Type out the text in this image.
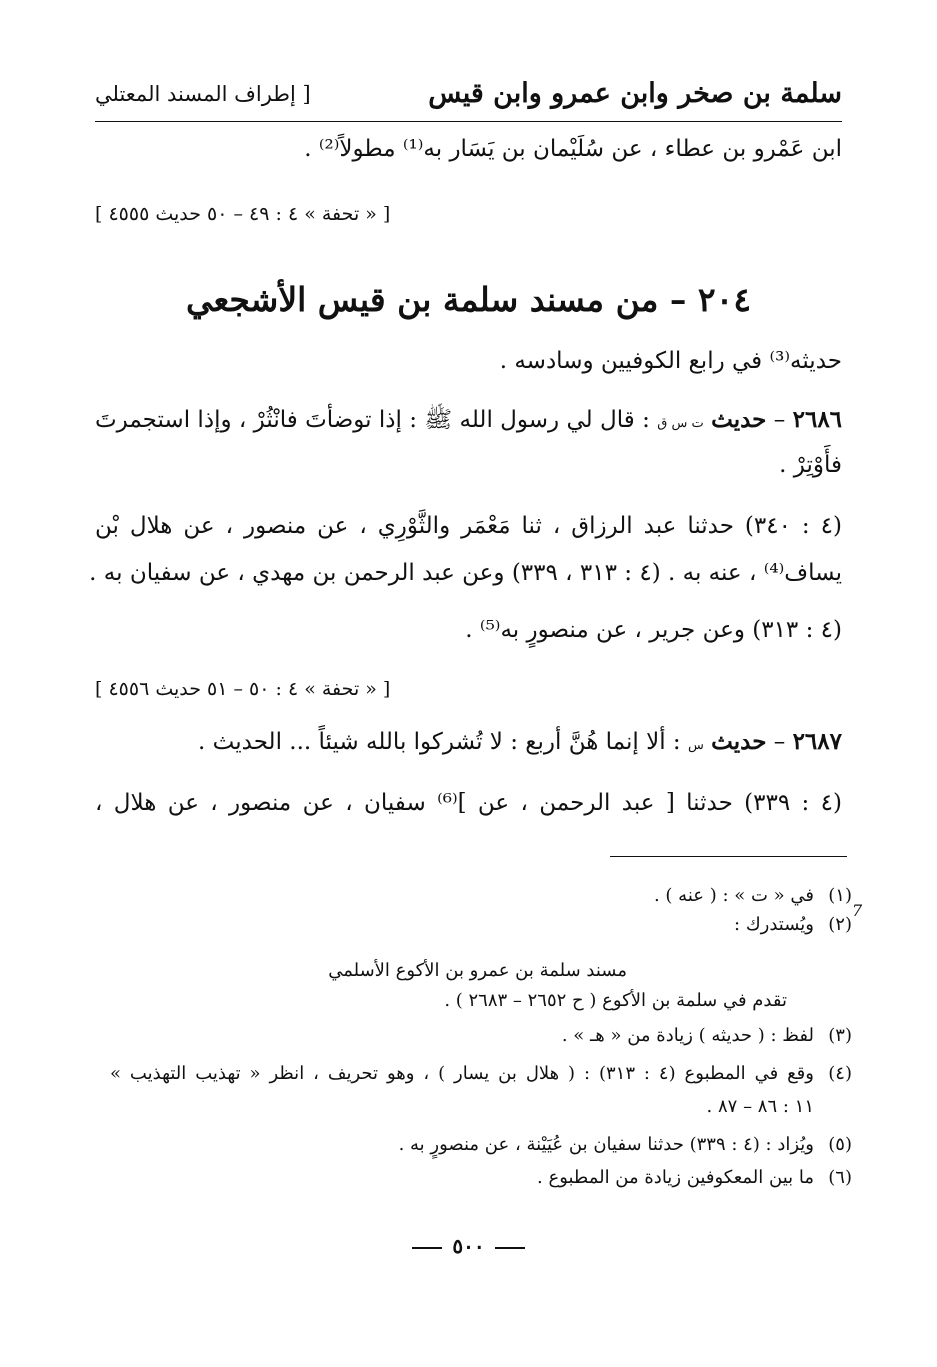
سلمة بن صخر وابن عمرو وابن قيس
[ إطراف المسند المعتلي
ابن عَمْرو بن عطاء ، عن سُلَيْمان بن يَسَار به⁽¹⁾ مطولاً⁽²⁾ .
[ « تحفة » ٤ : ٤٩ – ٥٠ حديث ٤٥٥٥ ]
٢٠٤ – من مسند سلمة بن قيس الأشجعي
حديثه⁽³⁾ في رابع الكوفيين وسادسه .
٢٦٨٦ – حديث ت س ق : قال لي رسول الله ﷺ : إذا توضأتَ فانْثُرْ ، وإذا استجمرتَ
فأَوْتِرْ .
(٤ : ٣٤٠) حدثنا عبد الرزاق ، ثنا مَعْمَر والثَّوْرِي ، عن منصور ، عن هلال بْن
يساف⁽⁴⁾ ، عنه به . (٤ : ٣١٣ ، ٣٣٩) وعن عبد الرحمن بن مهدي ، عن سفيان به .
(٤ : ٣١٣) وعن جرير ، عن منصورٍ به⁽⁵⁾ .
[ « تحفة » ٤ : ٥٠ – ٥١ حديث ٤٥٥٦ ]
٢٦٨٧ – حديث س : ألا إنما هُنَّ أربع : لا تُشركوا بالله شيئاً ... الحديث .
(٤ : ٣٣٩) حدثنا [ عبد الرحمن ، عن ]⁽⁶⁾ سفيان ، عن منصور ، عن هلال ،
7
(١)في « ت » : ( عنه ) .
(٢)ويُستدرك :
مسند سلمة بن عمرو بن الأكوع الأسلمي
تقدم في سلمة بن الأكوع ( ح ٢٦٥٢ – ٢٦٨٣ ) .
(٣)لفظ : ( حديثه ) زيادة من « هـ » .
(٤)وقع في المطبوع (٤ : ٣١٣) : ( هلال بن يسار ) ، وهو تحريف ، انظر « تهذيب التهذيب »
١١ : ٨٦ – ٨٧ .
(٥)ويُزاد : (٤ : ٣٣٩) حدثنا سفيان بن عُيَيْنة ، عن منصورٍ به .
(٦)ما بين المعكوفين زيادة من المطبوع .
٥٠٠
